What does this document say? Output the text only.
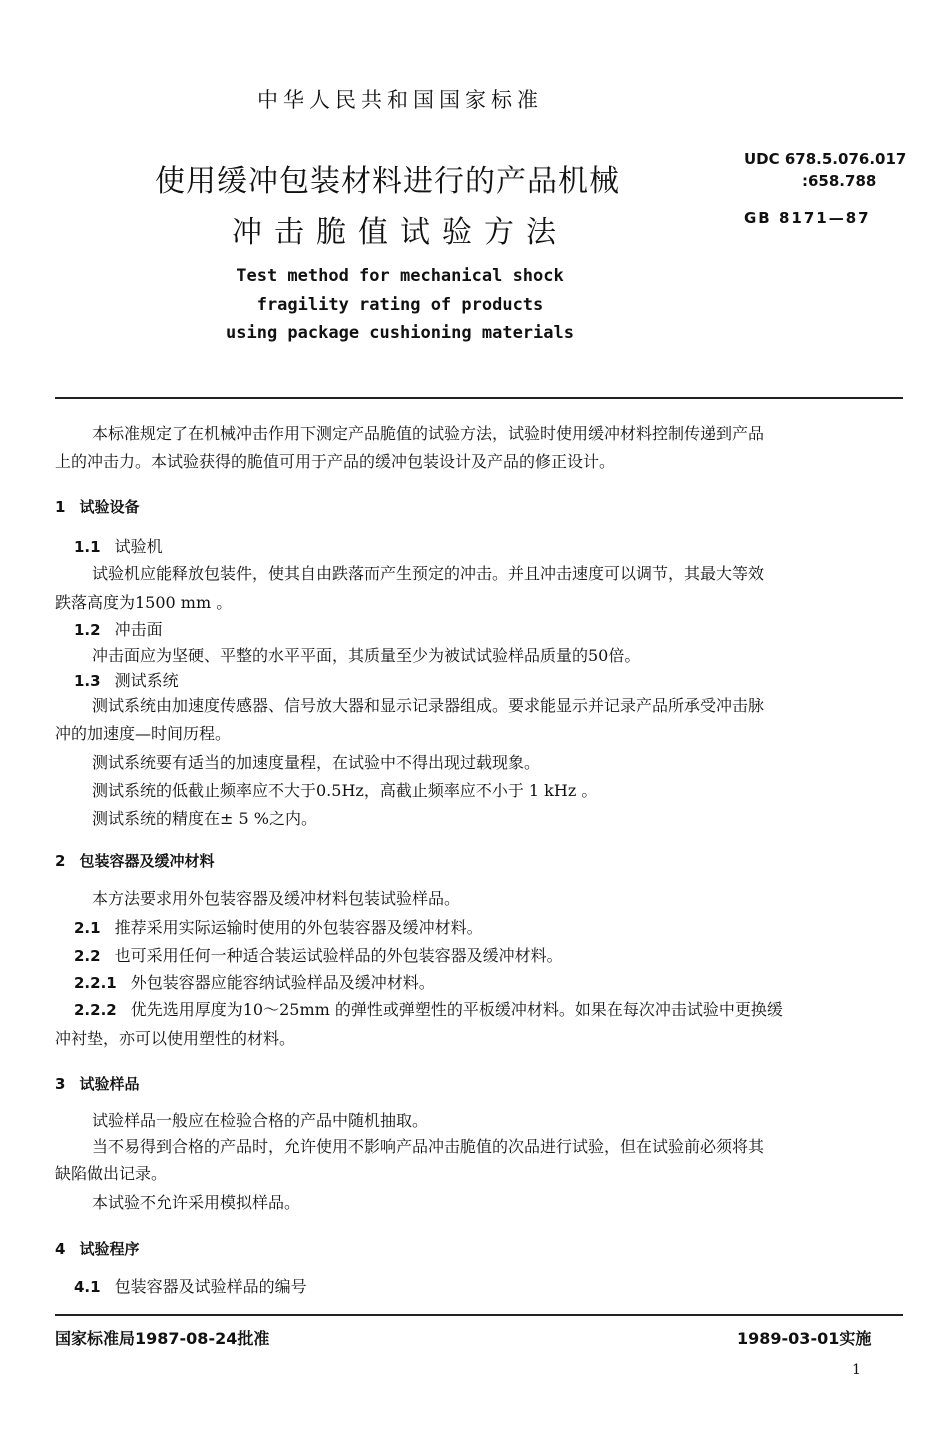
中华人民共和国国家标准
使用缓冲包装材料进行的产品机械
冲击脆值试验方法
UDC 678.5.076.017
:658.788
GB 8171—87
Test method for mechanical shock
fragility rating of products
using package cushioning materials
本标准规定了在机械冲击作用下测定产品脆值的试验方法，试验时使用缓冲材料控制传递到产品
上的冲击力。本试验获得的脆值可用于产品的缓冲包装设计及产品的修正设计。
1 试验设备
1.1 试验机
试验机应能释放包装件，使其自由跌落而产生预定的冲击。并且冲击速度可以调节，其最大等效
跌落高度为1500 mm 。
1.2 冲击面
冲击面应为坚硬、平整的水平平面，其质量至少为被试试验样品质量的50倍。
1.3 测试系统
测试系统由加速度传感器、信号放大器和显示记录器组成。要求能显示并记录产品所承受冲击脉
冲的加速度—时间历程。
测试系统要有适当的加速度量程，在试验中不得出现过载现象。
测试系统的低截止频率应不大于0.5Hz，高截止频率应不小于 1 kHz 。
测试系统的精度在± 5 %之内。
2 包装容器及缓冲材料
本方法要求用外包装容器及缓冲材料包装试验样品。
2.1 推荐采用实际运输时使用的外包装容器及缓冲材料。
2.2 也可采用任何一种适合装运试验样品的外包装容器及缓冲材料。
2.2.1 外包装容器应能容纳试验样品及缓冲材料。
2.2.2 优先选用厚度为10～25mm 的弹性或弹塑性的平板缓冲材料。如果在每次冲击试验中更换缓
冲衬垫，亦可以使用塑性的材料。
3 试验样品
试验样品一般应在检验合格的产品中随机抽取。
当不易得到合格的产品时，允许使用不影响产品冲击脆值的次品进行试验，但在试验前必须将其
缺陷做出记录。
本试验不允许采用模拟样品。
4 试验程序
4.1 包装容器及试验样品的编号
国家标准局1987-08-24批准	1989-03-01实施
1
